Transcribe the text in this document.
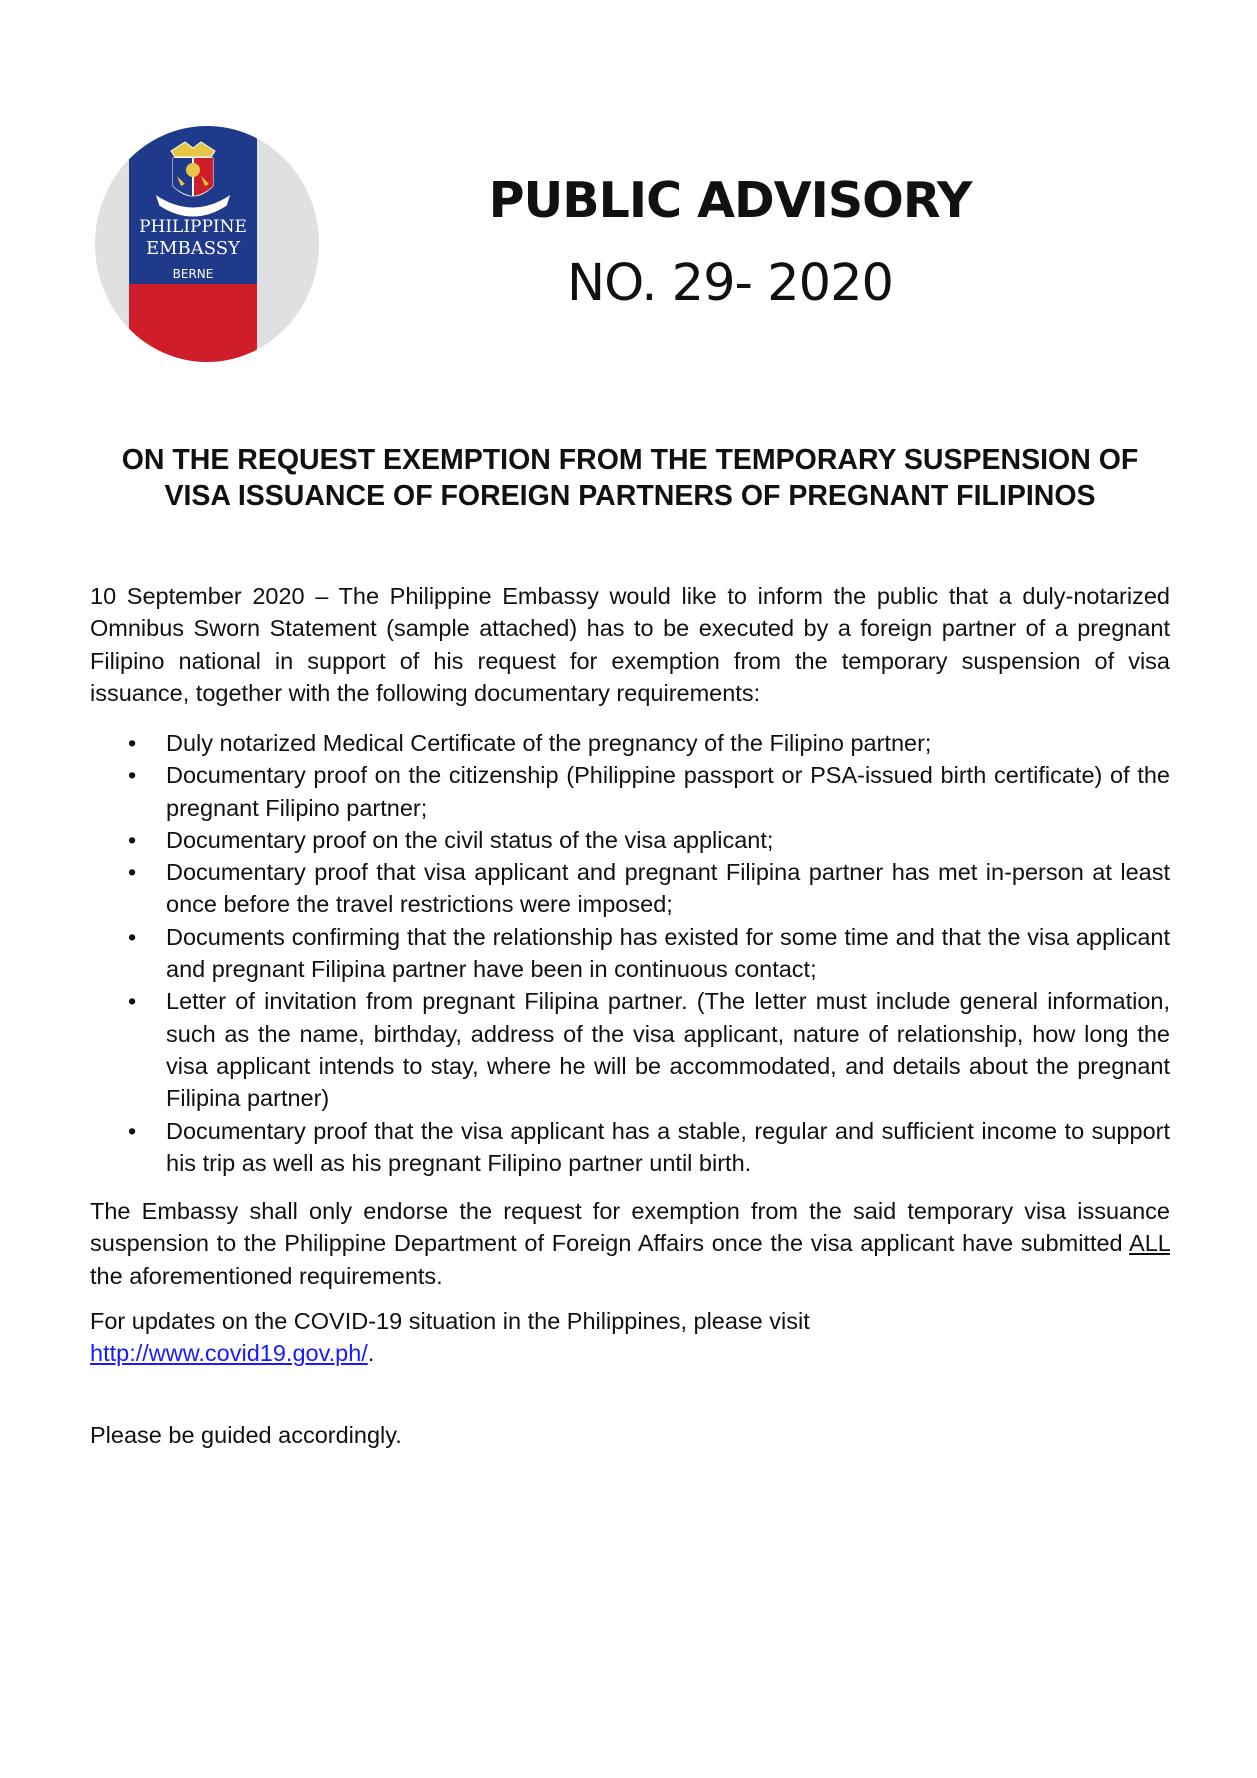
PHILIPPINE
EMBASSY
BERNE
PUBLIC ADVISORY
NO. 29- 2020
ON THE REQUEST EXEMPTION FROM THE TEMPORARY SUSPENSION OF
VISA ISSUANCE OF FOREIGN PARTNERS OF PREGNANT FILIPINOS
10 September 2020 – The Philippine Embassy would like to inform the public that a duly-notarized Omnibus Sworn Statement (sample attached) has to be executed by a foreign partner of a pregnant Filipino national in support of his request for exemption from the temporary suspension of visa issuance, together with the following documentary requirements:
• Duly notarized Medical Certificate of the pregnancy of the Filipino partner;
• Documentary proof on the citizenship (Philippine passport or PSA-issued birth certificate) of the pregnant Filipino partner;
• Documentary proof on the civil status of the visa applicant;
• Documentary proof that visa applicant and pregnant Filipina partner has met in-person at least once before the travel restrictions were imposed;
• Documents confirming that the relationship has existed for some time and that the visa applicant and pregnant Filipina partner have been in continuous contact;
• Letter of invitation from pregnant Filipina partner. (The letter must include general information, such as the name, birthday, address of the visa applicant, nature of relationship, how long the visa applicant intends to stay, where he will be accommodated, and details about the pregnant Filipina partner)
• Documentary proof that the visa applicant has a stable, regular and sufficient income to support his trip as well as his pregnant Filipino partner until birth.
The Embassy shall only endorse the request for exemption from the said temporary visa issuance suspension to the Philippine Department of Foreign Affairs once the visa applicant have submitted ALL the aforementioned requirements.
For updates on the COVID-19 situation in the Philippines, please visit
http://www.covid19.gov.ph/.
Please be guided accordingly.
